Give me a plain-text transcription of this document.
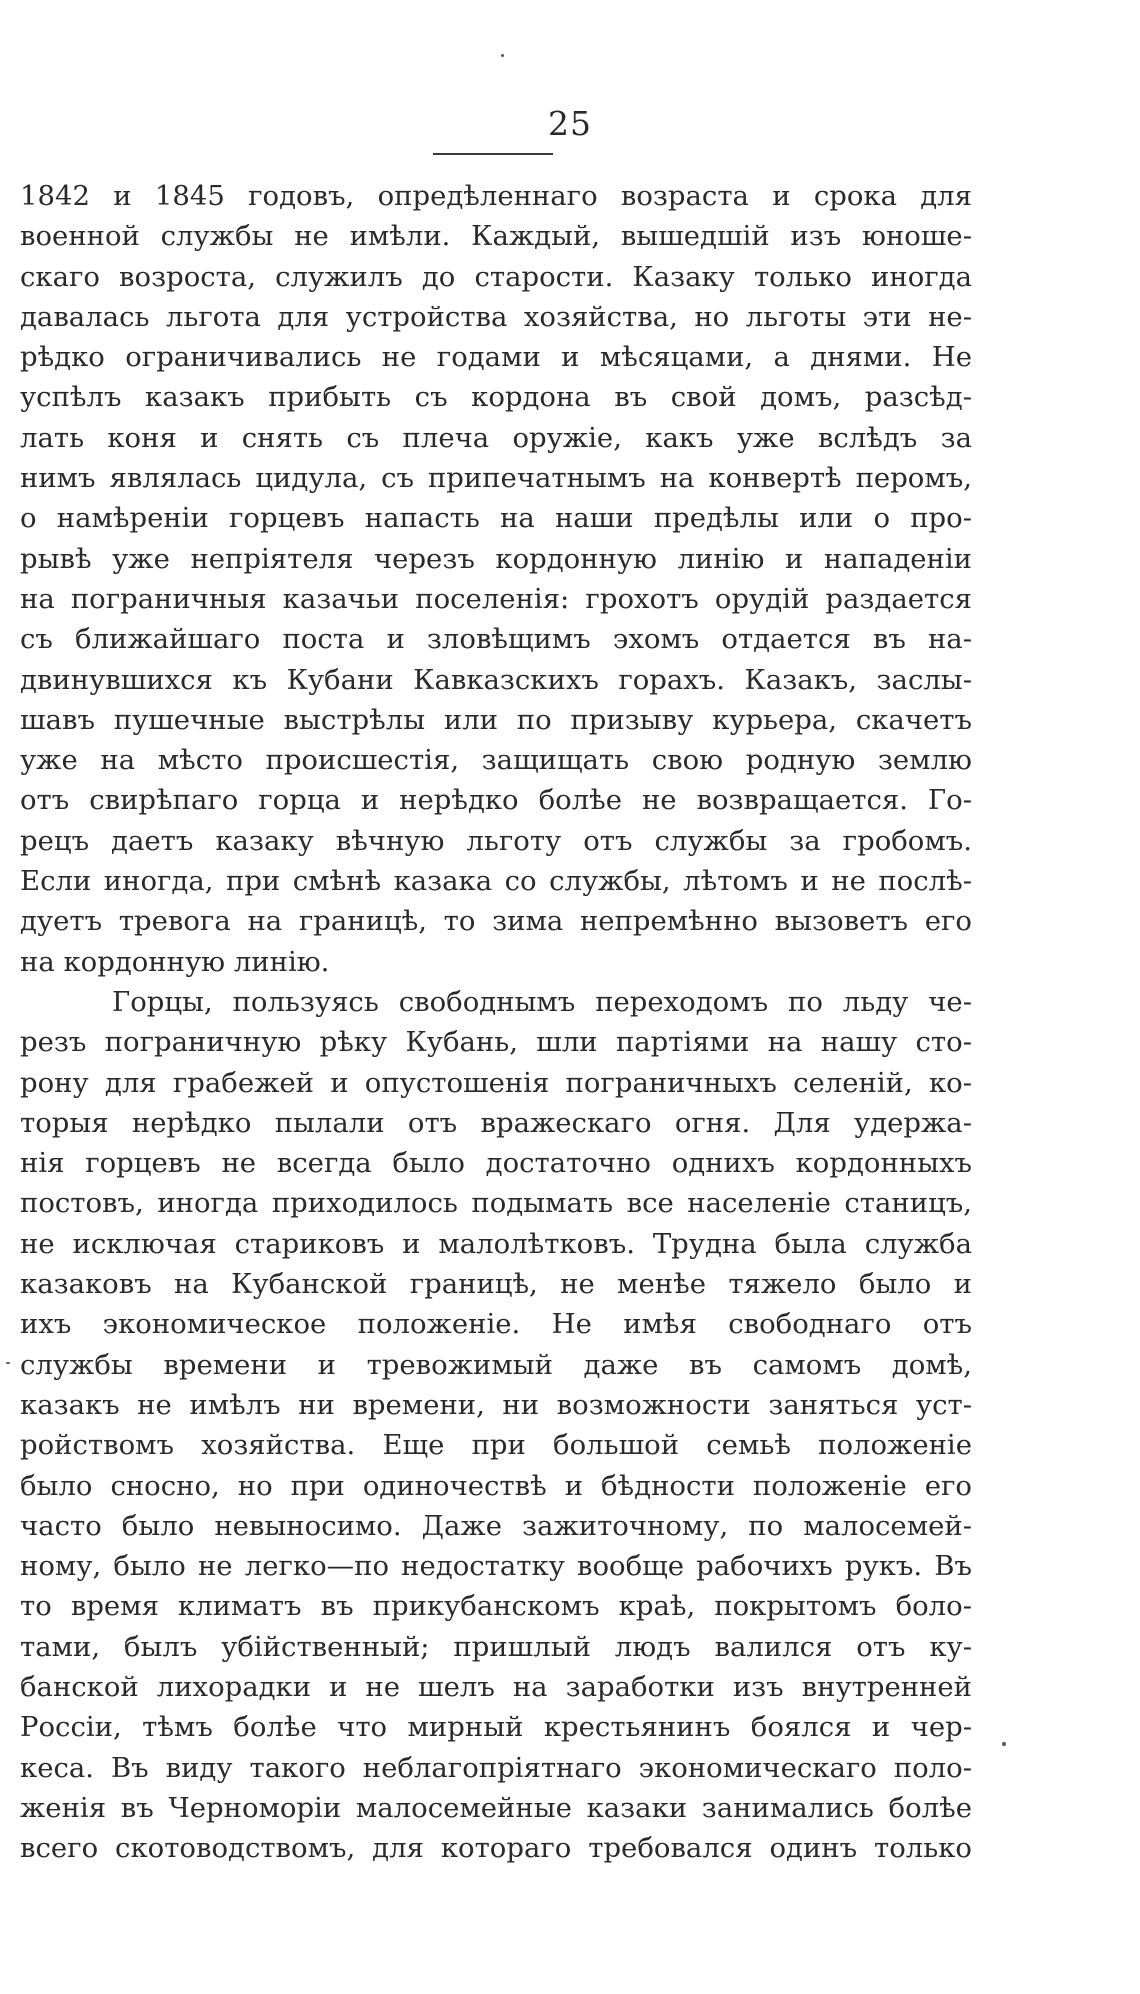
25
1842 и 1845 годовъ, опредѣленнаго возраста и срока для
военной службы не имѣли. Каждый, вышедшій изъ юноше-
скаго возроста, служилъ до старости. Казаку только иногда
давалась льгота для устройства хозяйства, но льготы эти не-
рѣдко ограничивались не годами и мѣсяцами, а днями. Не
успѣлъ казакъ прибыть съ кордона въ свой домъ, разсѣд-
лать коня и снять съ плеча оружіе, какъ уже вслѣдъ за
нимъ являлась цидула, съ припечатнымъ на конвертѣ перомъ,
о намѣреніи горцевъ напасть на наши предѣлы или о про-
рывѣ уже непріятеля черезъ кордонную линію и нападеніи
на пограничныя казачьи поселенія: грохотъ орудій раздается
съ ближайшаго поста и зловѣщимъ эхомъ отдается въ на-
двинувшихся къ Кубани Кавказскихъ горахъ. Казакъ, заслы-
шавъ пушечные выстрѣлы или по призыву курьера, скачетъ
уже на мѣсто происшестія, защищать свою родную землю
отъ свирѣпаго горца и нерѣдко болѣе не возвращается. Го-
рецъ даетъ казаку вѣчную льготу отъ службы за гробомъ.
Если иногда, при смѣнѣ казака со службы, лѣтомъ и не послѣ-
дуетъ тревога на границѣ, то зима непремѣнно вызоветъ его
на кордонную линію.
Горцы, пользуясь свободнымъ переходомъ по льду че-
резъ пограничную рѣку Кубань, шли партіями на нашу сто-
рону для грабежей и опустошенія пограничныхъ селеній, ко-
торыя нерѣдко пылали отъ вражескаго огня. Для удержа-
нія горцевъ не всегда было достаточно однихъ кордонныхъ
постовъ, иногда приходилось подымать все населеніе станицъ,
не исключая стариковъ и малолѣтковъ. Трудна была служба
казаковъ на Кубанской границѣ, не менѣе тяжело было и
ихъ экономическое положеніе. Не имѣя свободнаго отъ
службы времени и тревожимый даже въ самомъ домѣ,
казакъ не имѣлъ ни времени, ни возможности заняться уст-
ройствомъ хозяйства. Еще при большой семьѣ положеніе
было сносно, но при одиночествѣ и бѣдности положеніе его
часто было невыносимо. Даже зажиточному, по малосемей-
ному, было не легко—по недостатку вообще рабочихъ рукъ. Въ
то время климатъ въ прикубанскомъ краѣ, покрытомъ боло-
тами, былъ убійственный; пришлый людъ валился отъ ку-
банской лихорадки и не шелъ на заработки изъ внутренней
Россіи, тѣмъ болѣе что мирный крестьянинъ боялся и чер-
кеса. Въ виду такого неблагопріятнаго экономическаго поло-
женія въ Черноморіи малосемейные казаки занимались болѣе
всего скотоводствомъ, для котораго требовался одинъ только
